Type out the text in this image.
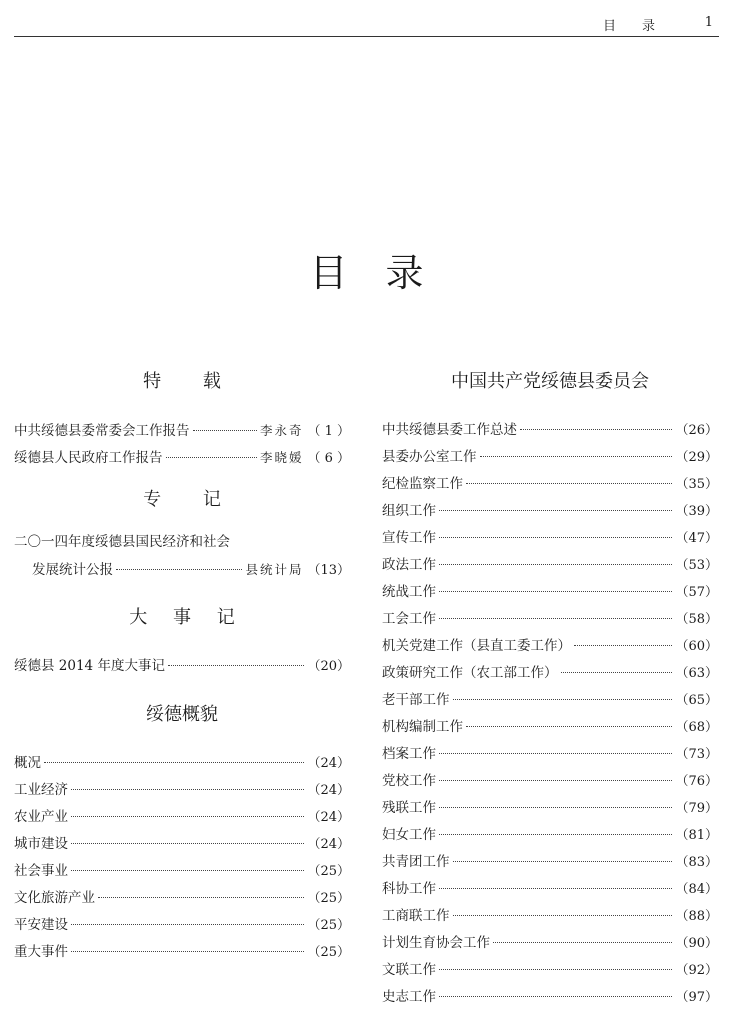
目录 1
目录
特 载
中共绥德县委常委会工作报告	李永奇 （ 1 ）
绥德县人民政府工作报告	李晓媛 （ 6 ）
专 记
二〇一四年度绥德县国民经济和社会
发展统计公报	县统计局 （13）
大 事 记
绥德县 2014 年度大事记	（20）
绥德概貌
概况	（24）
工业经济	（24）
农业产业	（24）
城市建设	（24）
社会事业	（25）
文化旅游产业	（25）
平安建设	（25）
重大事件	（25）
中国共产党绥德县委员会
中共绥德县委工作总述	（26）
县委办公室工作	（29）
纪检监察工作	（35）
组织工作	（39）
宣传工作	（47）
政法工作	（53）
统战工作	（57）
工会工作	（58）
机关党建工作（县直工委工作）	（60）
政策研究工作（农工部工作）	（63）
老干部工作	（65）
机构编制工作	（68）
档案工作	（73）
党校工作	（76）
残联工作	（79）
妇女工作	（81）
共青团工作	（83）
科协工作	（84）
工商联工作	（88）
计划生育协会工作	（90）
文联工作	（92）
史志工作	（97）
